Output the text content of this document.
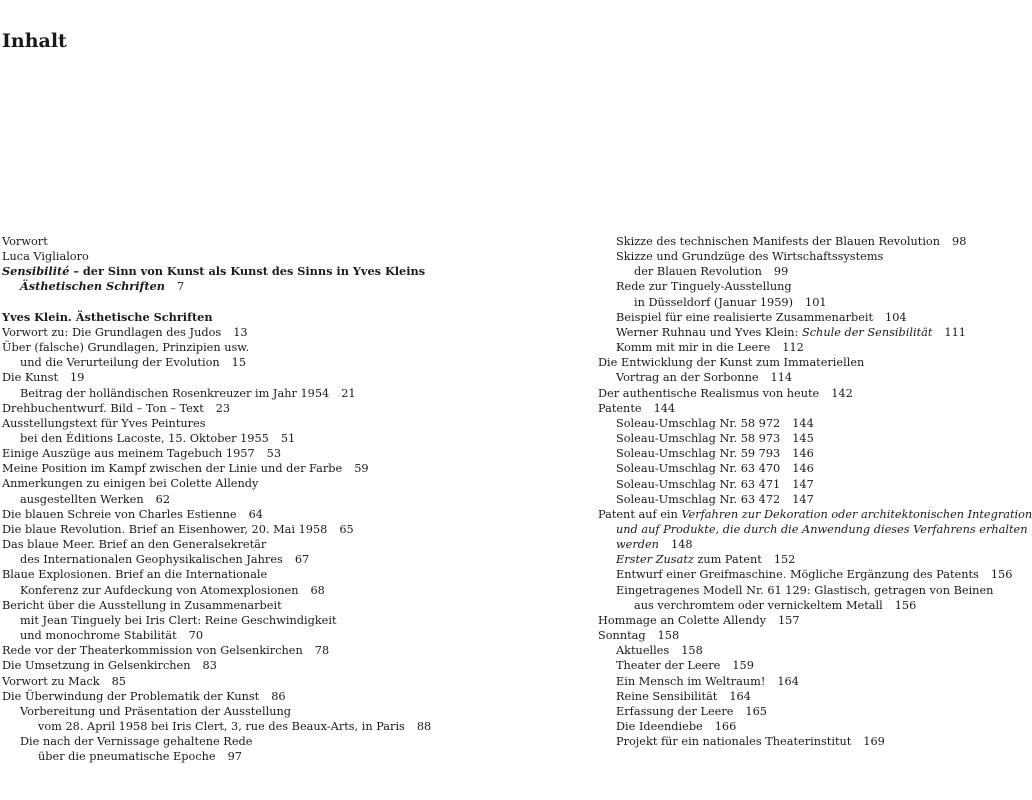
Inhalt
Vorwort
Luca Viglialoro
Sensibilité – der Sinn von Kunst als Kunst des Sinns in Yves Kleins
Ästhetischen Schriften 7
Yves Klein. Ästhetische Schriften
Vorwort zu: Die Grundlagen des Judos 13
Über (falsche) Grundlagen, Prinzipien usw.
und die Verurteilung der Evolution 15
Die Kunst 19
Beitrag der holländischen Rosenkreuzer im Jahr 1954 21
Drehbuchentwurf. Bild – Ton – Text 23
Ausstellungstext für Yves Peintures
bei den Éditions Lacoste, 15. Oktober 1955 51
Einige Auszüge aus meinem Tagebuch 1957 53
Meine Position im Kampf zwischen der Linie und der Farbe 59
Anmerkungen zu einigen bei Colette Allendy
ausgestellten Werken 62
Die blauen Schreie von Charles Estienne 64
Die blaue Revolution. Brief an Eisenhower, 20. Mai 1958 65
Das blaue Meer. Brief an den Generalsekretär
des Internationalen Geophysikalischen Jahres 67
Blaue Explosionen. Brief an die Internationale
Konferenz zur Aufdeckung von Atomexplosionen 68
Bericht über die Ausstellung in Zusammenarbeit
mit Jean Tinguely bei Iris Clert: Reine Geschwindigkeit
und monochrome Stabilität 70
Rede vor der Theaterkommission von Gelsenkirchen 78
Die Umsetzung in Gelsenkirchen 83
Vorwort zu Mack 85
Die Überwindung der Problematik der Kunst 86
Vorbereitung und Präsentation der Ausstellung
vom 28. April 1958 bei Iris Clert, 3, rue des Beaux-Arts, in Paris 88
Die nach der Vernissage gehaltene Rede
über die pneumatische Epoche 97
Skizze des technischen Manifests der Blauen Revolution 98
Skizze und Grundzüge des Wirtschaftssystems
der Blauen Revolution 99
Rede zur Tinguely-Ausstellung
in Düsseldorf (Januar 1959) 101
Beispiel für eine realisierte Zusammenarbeit 104
Werner Ruhnau und Yves Klein: Schule der Sensibilität 111
Komm mit mir in die Leere 112
Die Entwicklung der Kunst zum Immateriellen
Vortrag an der Sorbonne 114
Der authentische Realismus von heute 142
Patente 144
Soleau-Umschlag Nr. 58 972 144
Soleau-Umschlag Nr. 58 973 145
Soleau-Umschlag Nr. 59 793 146
Soleau-Umschlag Nr. 63 470 146
Soleau-Umschlag Nr. 63 471 147
Soleau-Umschlag Nr. 63 472 147
Patent auf ein Verfahren zur Dekoration oder architektonischen Integration
und auf Produkte, die durch die Anwendung dieses Verfahrens erhalten
werden 148
Erster Zusatz zum Patent 152
Entwurf einer Greifmaschine. Mögliche Ergänzung des Patents 156
Eingetragenes Modell Nr. 61 129: Glastisch, getragen von Beinen
aus verchromtem oder vernickeltem Metall 156
Hommage an Colette Allendy 157
Sonntag 158
Aktuelles 158
Theater der Leere 159
Ein Mensch im Weltraum! 164
Reine Sensibilität 164
Erfassung der Leere 165
Die Ideendiebe 166
Projekt für ein nationales Theaterinstitut 169
